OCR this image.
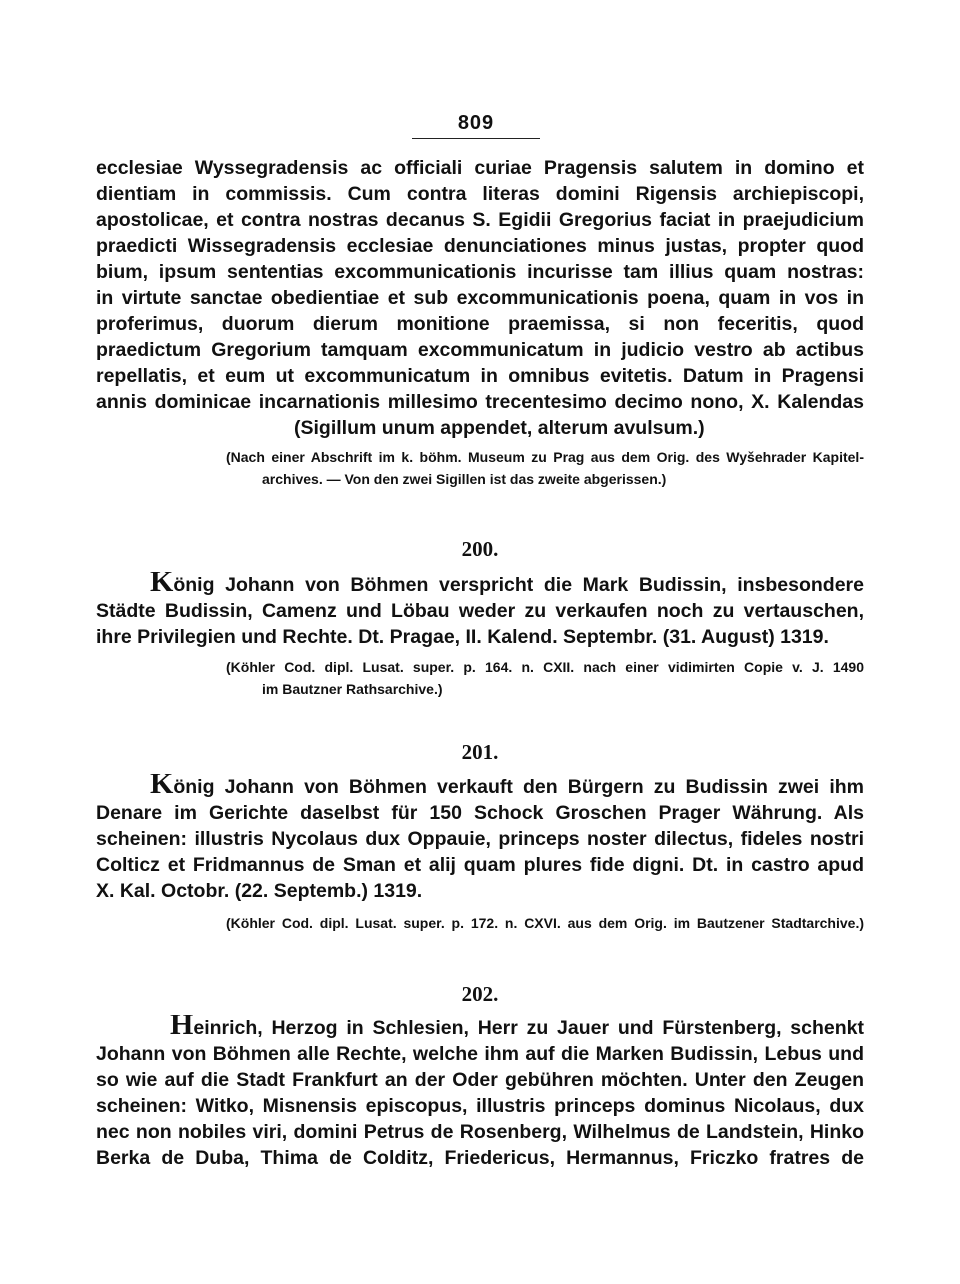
809
ecclesiae Wyssegradensis ac officiali curiae Pragensis salutem in domino et
dientiam in commissis. Cum contra literas domini Rigensis archiepiscopi,
apostolicae, et contra nostras decanus S. Egidii Gregorius faciat in praejudicium
praedicti Wissegradensis ecclesiae denunciationes minus justas, propter quod
bium, ipsum sententias excommunicationis incurisse tam illius quam nostras:
in virtute sanctae obedientiae et sub excommunicationis poena, quam in vos in
proferimus, duorum dierum monitione praemissa, si non feceritis, quod
praedictum Gregorium tamquam excommunicatum in judicio vestro ab actibus
repellatis, et eum ut excommunicatum in omnibus evitetis. Datum in Pragensi
annis dominicae incarnationis millesimo trecentesimo decimo nono, X. Kalendas
(Sigillum unum appendet, alterum avulsum.)
(Nach einer Abschrift im k. böhm. Museum zu Prag aus dem Orig. des Wyšehrader Kapitel-
archives. — Von den zwei Sigillen ist das zweite abgerissen.)
200.
König Johann von Böhmen verspricht die Mark Budissin, insbesondere
Städte Budissin, Camenz und Löbau weder zu verkaufen noch zu vertauschen,
ihre Privilegien und Rechte. Dt. Pragae, II. Kalend. Septembr. (31. August) 1319.
(Köhler Cod. dipl. Lusat. super. p. 164. n. CXII. nach einer vidimirten Copie v. J. 1490
im Bautzner Rathsarchive.)
201.
König Johann von Böhmen verkauft den Bürgern zu Budissin zwei ihm
Denare im Gerichte daselbst für 150 Schock Groschen Prager Währung. Als
scheinen: illustris Nycolaus dux Oppauie, princeps noster dilectus, fideles nostri
Colticz et Fridmannus de Sman et alij quam plures fide digni. Dt. in castro apud
X. Kal. Octobr. (22. Septemb.) 1319.
(Köhler Cod. dipl. Lusat. super. p. 172. n. CXVI. aus dem Orig. im Bautzener Stadtarchive.)
202.
Heinrich, Herzog in Schlesien, Herr zu Jauer und Fürstenberg, schenkt
Johann von Böhmen alle Rechte, welche ihm auf die Marken Budissin, Lebus und
so wie auf die Stadt Frankfurt an der Oder gebühren möchten. Unter den Zeugen
scheinen: Witko, Misnensis episcopus, illustris princeps dominus Nicolaus, dux
nec non nobiles viri, domini Petrus de Rosenberg, Wilhelmus de Landstein, Hinko
Berka de Duba, Thima de Colditz, Friedericus, Hermannus, Friczko fratres de
